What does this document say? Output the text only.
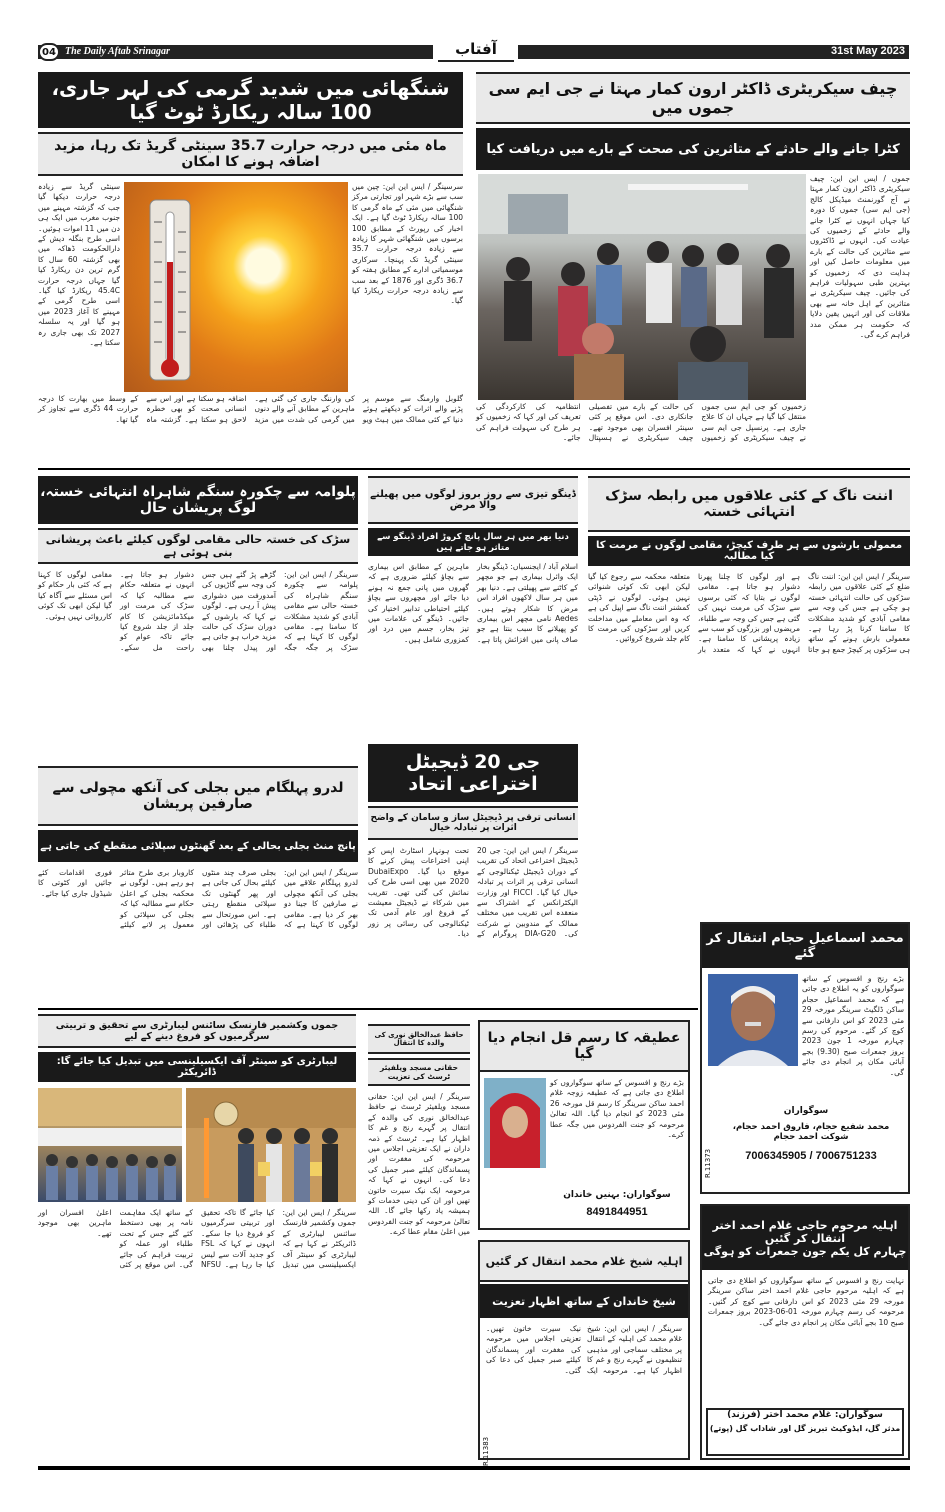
04 The Daily Aftab Srinagar	آفتاب	31st May 2023
شنگھائی میں شدید گرمی کی لہر جاری، 100 سالہ ریکارڈ ٹوٹ گیا
ماہ مئی میں درجہ حرارت 35.7 سینٹی گریڈ تک رہا، مزید اضافہ ہونے کا امکان
سرسینگر / ایس این این: چین میں سب سے بڑے شہر اور تجارتی مرکز شنگھائی میں مئی کے ماہ گرمی کا 100 سالہ ریکارڈ ٹوٹ گیا ہے۔ ایک اخبار کی رپورٹ کے مطابق 100 برسوں میں شنگھائی شہر کا زیادہ سے زیادہ درجہ حرارت 35.7 سینٹی گریڈ تک پہنچا۔ سرکاری موسمیاتی ادارے کے مطابق ہفتہ کو 36.7 ڈگری اور 1876 کے بعد سب سے زیادہ درجہ حرارت ریکارڈ کیا گیا۔
سینٹی گریڈ سے زیادہ درجہ حرارت دیکھا گیا جب کہ گزشتہ مہینے میں جنوب مغرب میں ایک ہی دن میں 11 اموات ہوئیں۔ اسی طرح بنگلہ دیش کے دارالحکومت ڈھاکہ میں بھی گزشتہ 60 سال کا گرم ترین دن ریکارڈ کیا گیا جہاں درجہ حرارت 45.4C ریکارڈ کیا گیا۔ اسی طرح گرمی کے مہینے کا آغاز 2023 میں ہو گیا اور یہ سلسلہ 2027 تک بھی جاری رہ سکتا ہے۔
گلوبل وارمنگ سے موسم پر پڑنے والے اثرات کو دیکھتے ہوئے دنیا کے کئی ممالک میں ہیٹ ویو کی وارننگ جاری کی گئی ہے۔ ماہرین کے مطابق آنے والے دنوں میں گرمی کی شدت میں مزید اضافہ ہو سکتا ہے اور اس سے انسانی صحت کو بھی خطرہ لاحق ہو سکتا ہے۔ گزشتہ ماہ کے وسط میں بھارت کا درجہ حرارت 44 ڈگری سے تجاوز کر گیا تھا۔
چیف سیکریٹری ڈاکٹر ارون کمار مہتا نے جی ایم سی جموں میں
کٹرا جانے والے حادثے کے متاثرین کی صحت کے بارے میں دریافت کیا
جموں / ایس این این: چیف سیکریٹری ڈاکٹر ارون کمار مہتا نے آج گورنمنٹ میڈیکل کالج (جی ایم سی) جموں کا دورہ کیا جہاں انہوں نے کٹرا جانے والے حادثے کے زخمیوں کی عیادت کی۔ انہوں نے ڈاکٹروں سے متاثرین کی حالت کے بارے میں معلومات حاصل کیں اور ہدایت دی کہ زخمیوں کو بہترین طبی سہولیات فراہم کی جائیں۔ چیف سیکریٹری نے متاثرین کے اہل خانہ سے بھی ملاقات کی اور انہیں یقین دلایا کہ حکومت ہر ممکن مدد فراہم کرے گی۔
زخمیوں کو جی ایم سی جموں منتقل کیا گیا ہے جہاں ان کا علاج جاری ہے۔ پرنسپل جی ایم سی نے چیف سیکریٹری کو زخمیوں کی حالت کے بارے میں تفصیلی جانکاری دی۔ اس موقع پر کئی سینئر افسران بھی موجود تھے۔ چیف سیکریٹری نے ہسپتال انتظامیہ کی کارکردگی کی تعریف کی اور کہا کہ زخمیوں کو ہر طرح کی سہولت فراہم کی جائے۔
پلوامہ سے چکورہ سنگم شاہراہ انتہائی خستہ، لوگ پریشان حال
سڑک کی خستہ حالی مقامی لوگوں کیلئے باعث پریشانی بنی ہوئی ہے
سرینگر / ایس این این: پلوامہ سے چکورہ سنگم شاہراہ کی خستہ حالی سے مقامی آبادی کو شدید مشکلات کا سامنا ہے۔ مقامی لوگوں کا کہنا ہے کہ سڑک پر جگہ جگہ گڑھے پڑ گئے ہیں جس کی وجہ سے گاڑیوں کی آمدورفت میں دشواری پیش آ رہی ہے۔ لوگوں نے کہا کہ بارشوں کے دوران سڑک کی حالت مزید خراب ہو جاتی ہے اور پیدل چلنا بھی دشوار ہو جاتا ہے۔ انہوں نے متعلقہ حکام سے مطالبہ کیا کہ سڑک کی مرمت اور میکڈمائزیشن کا کام جلد از جلد شروع کیا جائے تاکہ عوام کو راحت مل سکے۔ مقامی لوگوں کا کہنا ہے کہ کئی بار حکام کو اس مسئلے سے آگاہ کیا گیا لیکن ابھی تک کوئی کارروائی نہیں ہوئی۔
ڈینگو تیزی سے روز بروز لوگوں میں پھیلنے والا مرض
دنیا بھر میں ہر سال پانچ کروڑ افراد ڈینگو سے متاثر ہو جاتے ہیں
اسلام آباد / ایجنسیاں: ڈینگو بخار ایک وائرل بیماری ہے جو مچھر کے کاٹنے سے پھیلتی ہے۔ دنیا بھر میں ہر سال لاکھوں افراد اس مرض کا شکار ہوتے ہیں۔ Aedes نامی مچھر اس بیماری کو پھیلانے کا سبب بنتا ہے جو صاف پانی میں افزائش پاتا ہے۔ ماہرین کے مطابق اس بیماری سے بچاؤ کیلئے ضروری ہے کہ گھروں میں پانی جمع نہ ہونے دیا جائے اور مچھروں سے بچاؤ کیلئے احتیاطی تدابیر اختیار کی جائیں۔ ڈینگو کی علامات میں تیز بخار، جسم میں درد اور کمزوری شامل ہیں۔
اننت ناگ کے کئی علاقوں میں رابطہ سڑک انتہائی خستہ
معمولی بارشوں سے ہر طرف کیچڑ، مقامی لوگوں نے مرمت کا کیا مطالبہ
سرینگر / ایس این این: اننت ناگ ضلع کے کئی علاقوں میں رابطہ سڑکوں کی حالت انتہائی خستہ ہو چکی ہے جس کی وجہ سے مقامی آبادی کو شدید مشکلات کا سامنا کرنا پڑ رہا ہے۔ معمولی بارش ہونے کے ساتھ ہی سڑکوں پر کیچڑ جمع ہو جاتا ہے اور لوگوں کا چلنا پھرنا دشوار ہو جاتا ہے۔ مقامی لوگوں نے بتایا کہ کئی برسوں سے سڑک کی مرمت نہیں کی گئی ہے جس کی وجہ سے طلباء، مریضوں اور بزرگوں کو سب سے زیادہ پریشانی کا سامنا ہے۔ انہوں نے کہا کہ متعدد بار متعلقہ محکمہ سے رجوع کیا گیا لیکن ابھی تک کوئی شنوائی نہیں ہوئی۔ لوگوں نے ڈپٹی کمشنر اننت ناگ سے اپیل کی ہے کہ وہ اس معاملے میں مداخلت کریں اور سڑکوں کی مرمت کا کام جلد شروع کروائیں۔
جی 20 ڈیجیٹل اختراعی اتحاد
انسانی ترقی پر ڈیجیٹل ساز و سامان کے واضح اثرات پر تبادلہ خیال
سرینگر / ایس این این: جی 20 ڈیجیٹل اختراعی اتحاد کی تقریب کے دوران ڈیجیٹل ٹیکنالوجی کے انسانی ترقی پر اثرات پر تبادلہ خیال کیا گیا۔ FICCI اور وزارت الیکٹرانکس کے اشتراک سے منعقدہ اس تقریب میں مختلف ممالک کے مندوبین نے شرکت کی۔ DIA-G20 پروگرام کے تحت ہونہار اسٹارٹ اپس کو اپنی اختراعات پیش کرنے کا موقع دیا گیا۔ DubaiExpo 2020 میں بھی اسی طرح کی نمائش کی گئی تھی۔ تقریب میں شرکاء نے ڈیجیٹل معیشت کے فروغ اور عام آدمی تک ٹیکنالوجی کی رسائی پر زور دیا۔
لدرو پہلگام میں بجلی کی آنکھ مچولی سے صارفین پریشان
پانچ منٹ بجلی بحالی کے بعد گھنٹوں سپلائی منقطع کی جاتی ہے
سرینگر / ایس این این: لدرو پہلگام علاقے میں بجلی کی آنکھ مچولی نے صارفین کا جینا دو بھر کر دیا ہے۔ مقامی لوگوں کا کہنا ہے کہ بجلی صرف چند منٹوں کیلئے بحال کی جاتی ہے اور پھر گھنٹوں تک سپلائی منقطع رہتی ہے۔ اس صورتحال سے طلباء کی پڑھائی اور کاروبار بری طرح متاثر ہو رہے ہیں۔ لوگوں نے محکمہ بجلی کے اعلیٰ حکام سے مطالبہ کیا کہ بجلی کی سپلائی کو معمول پر لانے کیلئے فوری اقدامات کئے جائیں اور کٹوتی کا شیڈول جاری کیا جائے۔
محمد اسماعیل حجام انتقال کر گئے
بڑے رنج و افسوس کے ساتھ سوگواروں کو یہ اطلاع دی جاتی ہے کہ محمد اسماعیل حجام ساکن ڈلگیٹ سرینگر مورخہ 29 مئی 2023 کو اس دارفانی سے کوچ کر گئے۔ مرحوم کی رسم چہارم مورخہ 1 جون 2023 بروز جمعرات صبح (9.30) بجے آبائی مکان پر انجام دی جائے گی۔
سوگواران
محمد شفیع حجام، فاروق احمد حجام، شوکت احمد حجام
7006345905 / 7006751233
R.11373
جموں وکشمیر فارنسک سائنس لیبارٹری سے تحقیق و تربیتی سرگرمیوں کو فروغ دینے کے لیے
لیبارٹری کو سینٹر آف ایکسیلینسی میں تبدیل کیا جائے گا: ڈائریکٹر
سرینگر / ایس این این: جموں وکشمیر فارنسک سائنس لیبارٹری کے ڈائریکٹر نے کہا ہے کہ لیبارٹری کو سینٹر آف ایکسیلینسی میں تبدیل کیا جائے گا تاکہ تحقیق اور تربیتی سرگرمیوں کو فروغ دیا جا سکے۔ انہوں نے کہا کہ FSL کو جدید آلات سے لیس کیا جا رہا ہے۔ NFSU کے ساتھ ایک مفاہمت نامہ پر بھی دستخط کئے گئے جس کے تحت طلباء اور عملہ کو تربیت فراہم کی جائے گی۔ اس موقع پر کئی اعلیٰ افسران اور ماہرین بھی موجود تھے۔
حافظ عبدالخالق نوری کی والدہ کا انتقال
حقانی مسجد ویلفیئر ٹرسٹ کی تعزیت
سرینگر / ایس این این: حقانی مسجد ویلفیئر ٹرسٹ نے حافظ عبدالخالق نوری کی والدہ کے انتقال پر گہرے رنج و غم کا اظہار کیا ہے۔ ٹرسٹ کے ذمہ داران نے ایک تعزیتی اجلاس میں مرحومہ کی مغفرت اور پسماندگان کیلئے صبر جمیل کی دعا کی۔ انہوں نے کہا کہ مرحومہ ایک نیک سیرت خاتون تھیں اور ان کی دینی خدمات کو ہمیشہ یاد رکھا جائے گا۔ اللہ تعالیٰ مرحومہ کو جنت الفردوس میں اعلیٰ مقام عطا کرے۔
عطیقہ کا رسم قل انجام دیا گیا
بڑے رنج و افسوس کے ساتھ سوگواروں کو اطلاع دی جاتی ہے کہ عطیقہ زوجہ غلام احمد ساکن سرینگر کا رسم قل مورخہ 26 مئی 2023 کو انجام دیا گیا۔ اللہ تعالیٰ مرحومہ کو جنت الفردوس میں جگہ عطا کرے۔
سوگواران: بہنیں خاندان
8491844951
اہلیہ شیخ غلام محمد انتقال کر گئیں
شیخ خاندان کے ساتھ اظہار تعزیت
سرینگر / ایس این این: شیخ غلام محمد کی اہلیہ کے انتقال پر مختلف سماجی اور مذہبی تنظیموں نے گہرے رنج و غم کا اظہار کیا ہے۔ مرحومہ ایک نیک سیرت خاتون تھیں۔ تعزیتی اجلاس میں مرحومہ کی مغفرت اور پسماندگان کیلئے صبر جمیل کی دعا کی گئی۔
R.11383
اہلیہ مرحوم حاجی غلام احمد اختر انتقال کر گئیں
چہارم کل یکم جون جمعرات کو ہوگی
نہایت رنج و افسوس کے ساتھ سوگواروں کو اطلاع دی جاتی ہے کہ اہلیہ مرحوم حاجی غلام احمد اختر ساکن سرینگر مورخہ 29 مئی 2023 کو اس دارفانی سے کوچ کر گئیں۔ مرحومہ کی رسم چہارم مورخہ 01-06-2023 بروز جمعرات صبح 10 بجے آبائی مکان پر انجام دی جائے گی۔
سوگواران: غلام محمد اختر (فرزند)
مدثر گل، ایڈوکیٹ تبریز گل اور شاداب گل (پوتے)
